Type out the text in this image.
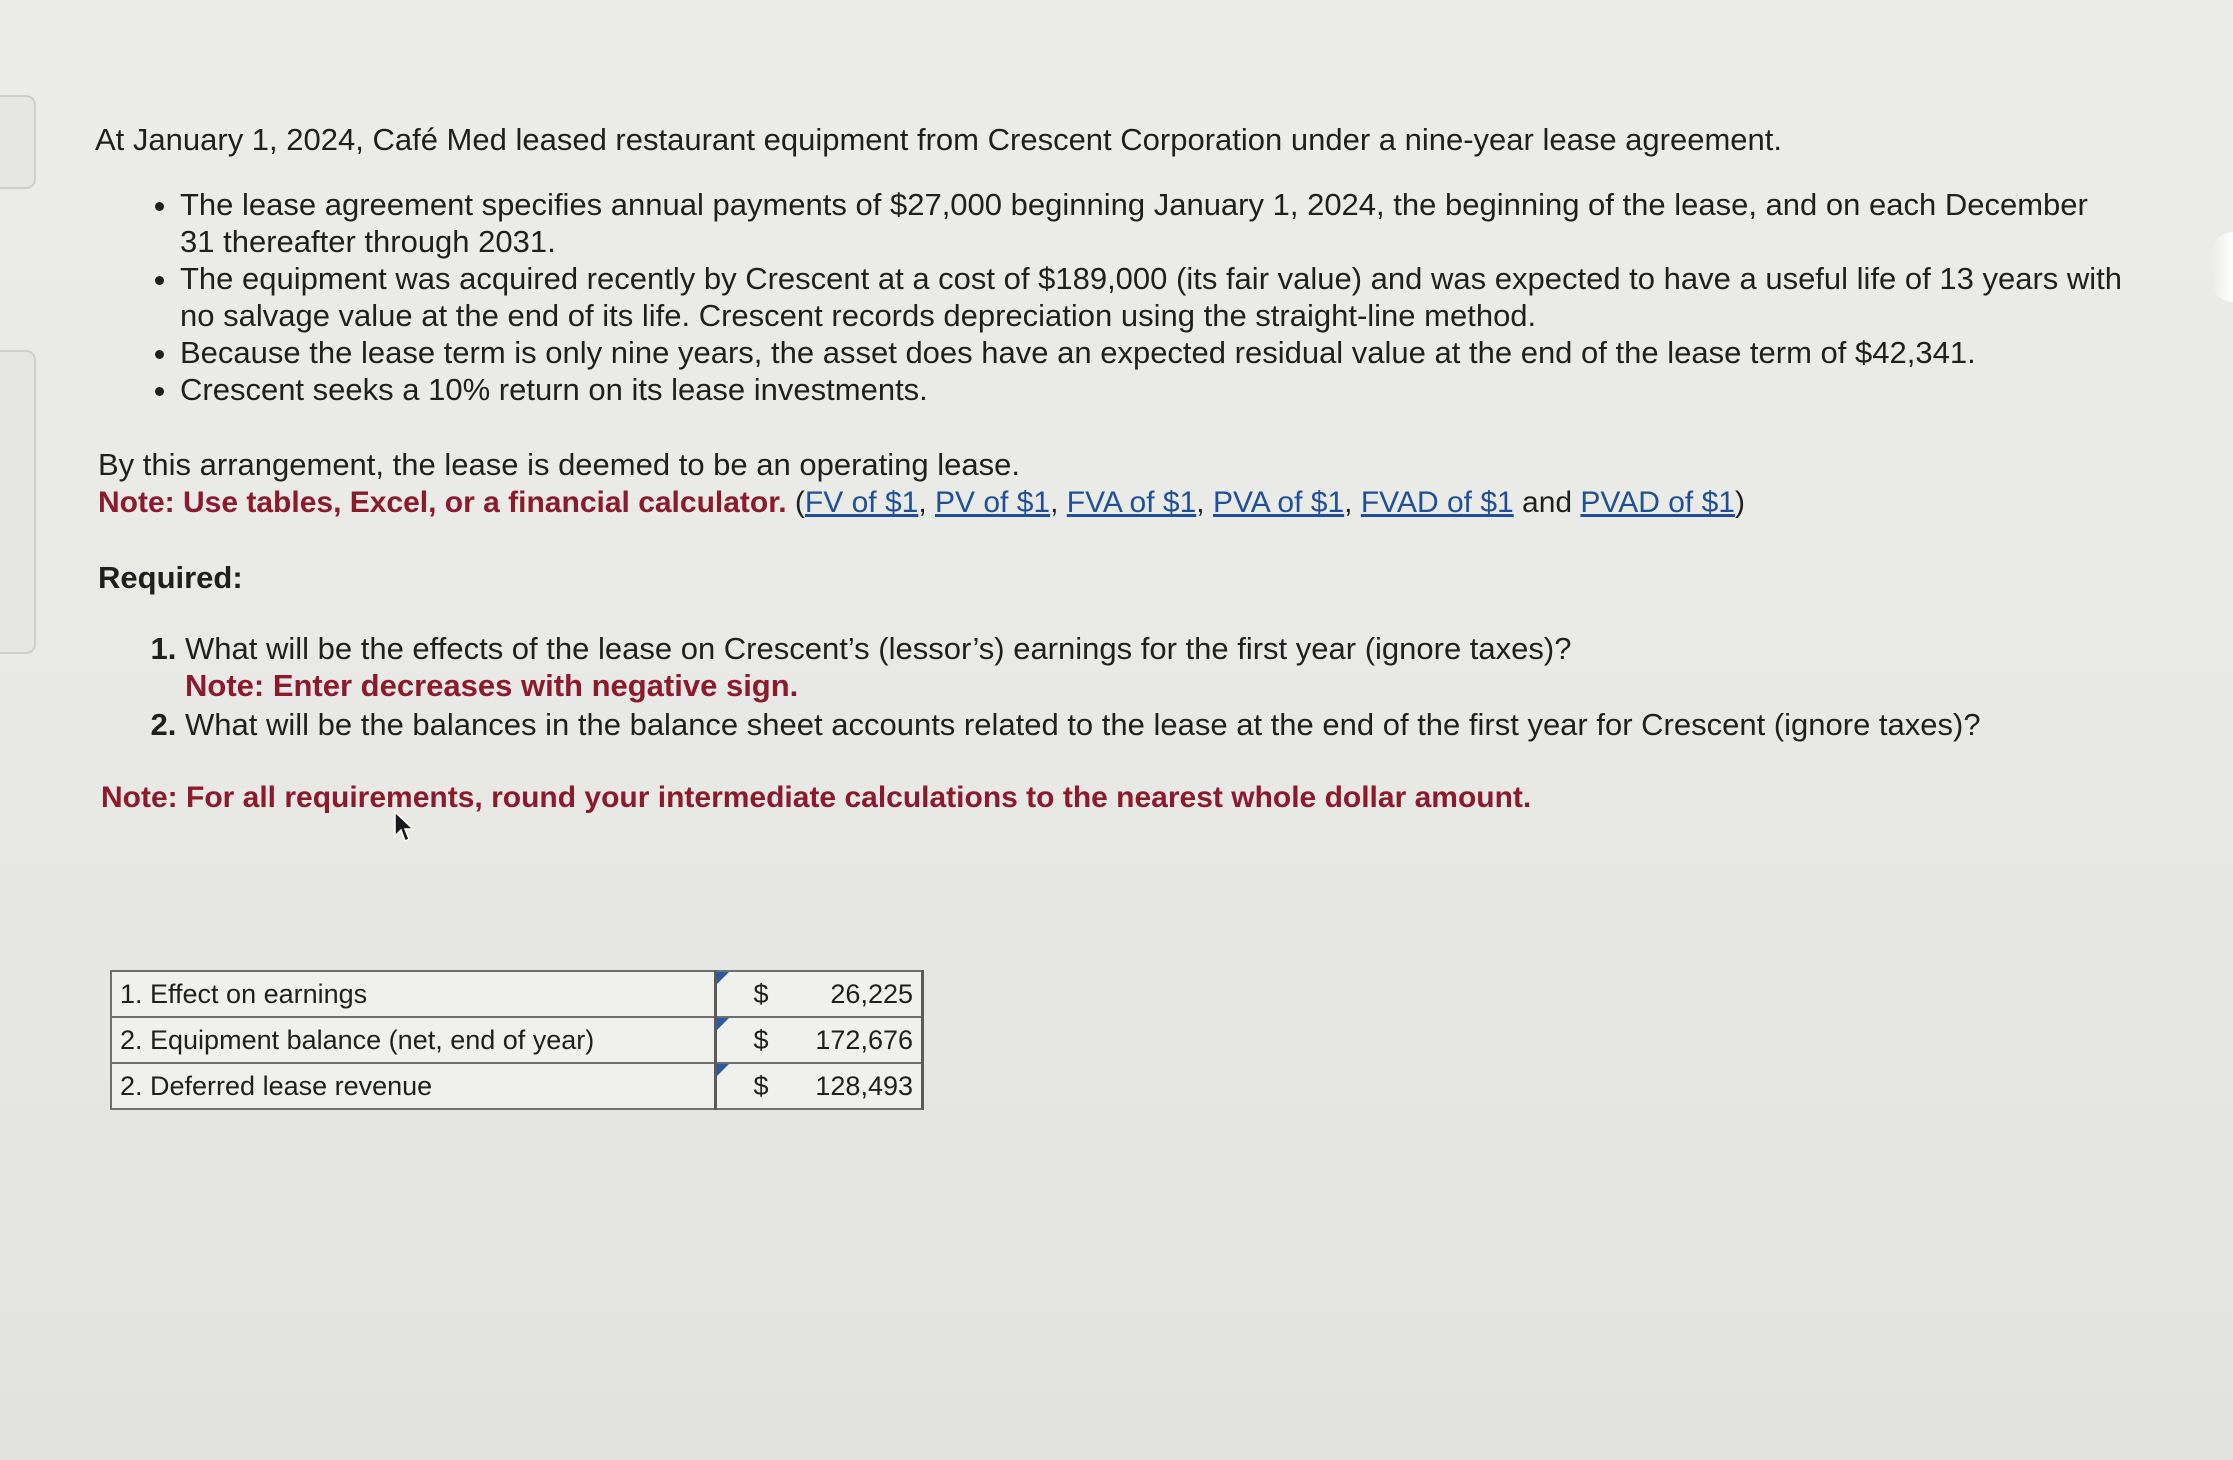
At January 1, 2024, Café Med leased restaurant equipment from Crescent Corporation under a nine-year lease agreement.

• The lease agreement specifies annual payments of $27,000 beginning January 1, 2024, the beginning of the lease, and on each December 31 thereafter through 2031.
• The equipment was acquired recently by Crescent at a cost of $189,000 (its fair value) and was expected to have a useful life of 13 years with no salvage value at the end of its life. Crescent records depreciation using the straight-line method.
• Because the lease term is only nine years, the asset does have an expected residual value at the end of the lease term of $42,341.
• Crescent seeks a 10% return on its lease investments.

By this arrangement, the lease is deemed to be an operating lease.

Note: Use tables, Excel, or a financial calculator. (FV of $1, PV of $1, FVA of $1, PVA of $1, FVAD of $1 and PVAD of $1)

Required:
1. What will be the effects of the lease on Crescent’s (lessor’s) earnings for the first year (ignore taxes)?
Note: Enter decreases with negative sign.
2. What will be the balances in the balance sheet accounts related to the lease at the end of the first year for Crescent (ignore taxes)?
Note: For all requirements, round your intermediate calculations to the nearest whole dollar amount.
1. Effect on earnings	$	26,225
2. Equipment balance (net, end of year)	$	172,676
2. Deferred lease revenue	$	128,493
